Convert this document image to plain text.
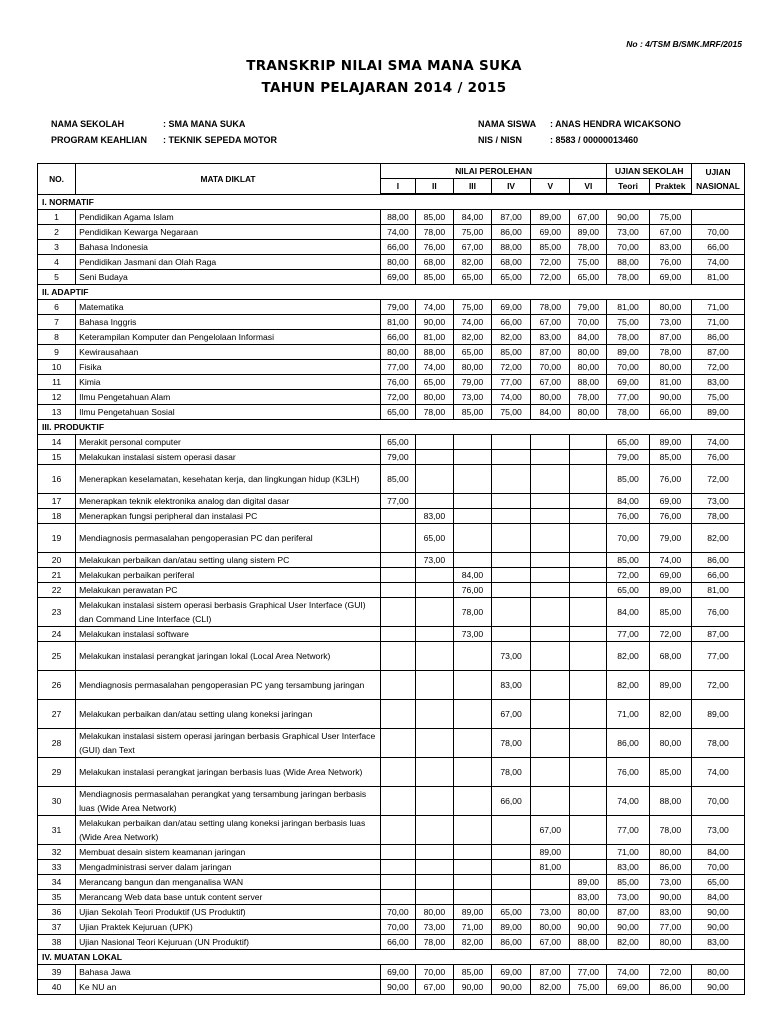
No : 4/TSM B/SMK.MRF/2015
TRANSKRIP NILAI SMA MANA SUKA
TAHUN PELAJARAN 2014 / 2015
NAMA SEKOLAH	: SMA MANA SUKA
PROGRAM KEAHLIAN	: TEKNIK SEPEDA MOTOR
NAMA SISWA	: ANAS HENDRA WICAKSONO
NIS / NISN	: 8583 / 00000013460
NO.	MATA DIKLAT	NILAI PEROLEHAN						UJIAN SEKOLAH		UJIAN
NASIONAL
		I	II	III	IV	V	VI	Teori	Praktek	
I. NORMATIF										
1	Pendidikan Agama Islam	88,00	85,00	84,00	87,00	89,00	67,00	90,00	75,00	
2	Pendidikan Kewarga Negaraan	74,00	78,00	75,00	86,00	69,00	89,00	73,00	67,00	70,00
3	Bahasa Indonesia	66,00	76,00	67,00	88,00	85,00	78,00	70,00	83,00	66,00
4	Pendidikan Jasmani dan Olah Raga	80,00	68,00	82,00	68,00	72,00	75,00	88,00	76,00	74,00
5	Seni Budaya	69,00	85,00	65,00	65,00	72,00	65,00	78,00	69,00	81,00
II. ADAPTIF										
6	Matematika	79,00	74,00	75,00	69,00	78,00	79,00	81,00	80,00	71,00
7	Bahasa Inggris	81,00	90,00	74,00	66,00	67,00	70,00	75,00	73,00	71,00
8	Keterampilan Komputer dan Pengelolaan Informasi	66,00	81,00	82,00	82,00	83,00	84,00	78,00	87,00	86,00
9	Kewirausahaan	80,00	88,00	65,00	85,00	87,00	80,00	89,00	78,00	87,00
10	Fisika	77,00	74,00	80,00	72,00	70,00	80,00	70,00	80,00	72,00
11	Kimia	76,00	65,00	79,00	77,00	67,00	88,00	69,00	81,00	83,00
12	Ilmu Pengetahuan Alam	72,00	80,00	73,00	74,00	80,00	78,00	77,00	90,00	75,00
13	Ilmu Pengetahuan Sosial	65,00	78,00	85,00	75,00	84,00	80,00	78,00	66,00	89,00
III. PRODUKTIF										
14	Merakit personal computer	65,00						65,00	89,00	74,00
15	Melakukan instalasi sistem operasi dasar	79,00						79,00	85,00	76,00
16	Menerapkan keselamatan, kesehatan kerja, dan lingkungan hidup (K3LH)	85,00						85,00	76,00	72,00
17	Menerapkan teknik elektronika analog dan digital dasar	77,00						84,00	69,00	73,00
18	Menerapkan fungsi peripheral dan instalasi PC		83,00					76,00	76,00	78,00
19	Mendiagnosis permasalahan pengoperasian PC dan periferal		65,00					70,00	79,00	82,00
20	Melakukan perbaikan dan/atau setting ulang sistem PC		73,00					85,00	74,00	86,00
21	Melakukan perbaikan periferal			84,00				72,00	69,00	66,00
22	Melakukan perawatan PC			76,00				65,00	89,00	81,00
23	Melakukan instalasi sistem operasi berbasis Graphical User Interface (GUI) dan Command Line Interface (CLI)			78,00				84,00	85,00	76,00
24	Melakukan instalasi software			73,00				77,00	72,00	87,00
25	Melakukan instalasi perangkat jaringan lokal (Local Area Network)				73,00			82,00	68,00	77,00
26	Mendiagnosis permasalahan pengoperasian PC yang tersambung jaringan				83,00			82,00	89,00	72,00
27	Melakukan perbaikan dan/atau setting ulang koneksi jaringan				67,00			71,00	82,00	89,00
28	Melakukan instalasi sistem operasi jaringan berbasis Graphical User Interface (GUI) dan Text				78,00			86,00	80,00	78,00
29	Melakukan instalasi perangkat jaringan berbasis luas (Wide Area Network)				78,00			76,00	85,00	74,00
30	Mendiagnosis permasalahan perangkat yang tersambung jaringan berbasis luas (Wide Area Network)				66,00			74,00	88,00	70,00
31	Melakukan perbaikan dan/atau setting ulang koneksi jaringan berbasis luas (Wide Area Network)					67,00		77,00	78,00	73,00
32	Membuat desain sistem keamanan jaringan					89,00		71,00	80,00	84,00
33	Mengadministrasi server dalam jaringan					81,00		83,00	86,00	70,00
34	Merancang bangun dan menganalisa WAN						89,00	85,00	73,00	65,00
35	Merancang Web data base untuk content server						83,00	73,00	90,00	84,00
36	Ujian Sekolah Teori Produktif (US Produktif)	70,00	80,00	89,00	65,00	73,00	80,00	87,00	83,00	90,00
37	Ujian Praktek Kejuruan (UPK)	70,00	73,00	71,00	89,00	80,00	90,00	90,00	77,00	90,00
38	Ujian Nasional Teori Kejuruan (UN Produktif)	66,00	78,00	82,00	86,00	67,00	88,00	82,00	80,00	83,00
IV. MUATAN LOKAL										
39	Bahasa Jawa	69,00	70,00	85,00	69,00	87,00	77,00	74,00	72,00	80,00
40	Ke NU an	90,00	67,00	90,00	90,00	82,00	75,00	69,00	86,00	90,00
